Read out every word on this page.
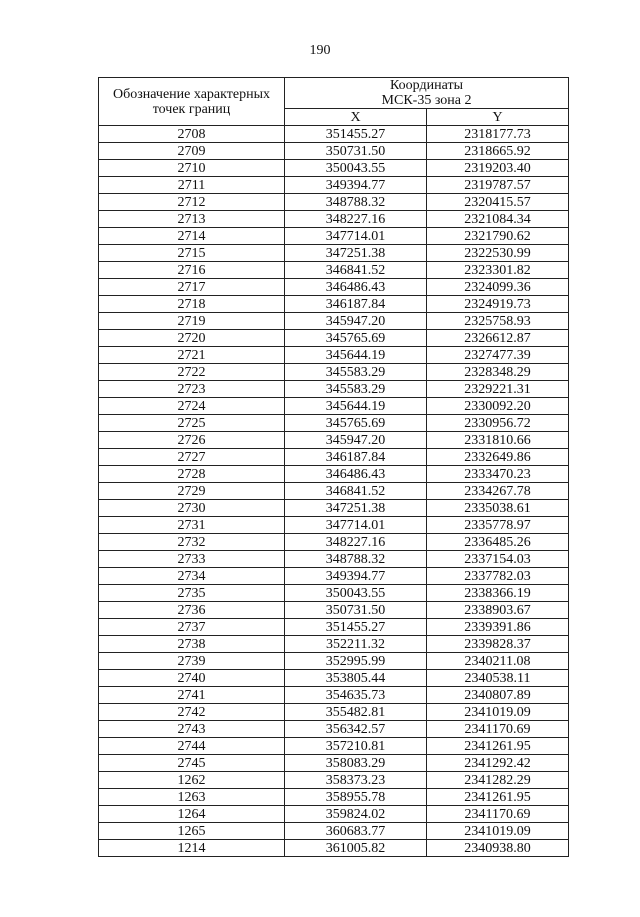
190
Обозначение характерных точек границ	Координаты
МСК-35 зона 2	

	X	Y
2708	351455.27	2318177.73
2709	350731.50	2318665.92
2710	350043.55	2319203.40
2711	349394.77	2319787.57
2712	348788.32	2320415.57
2713	348227.16	2321084.34
2714	347714.01	2321790.62
2715	347251.38	2322530.99
2716	346841.52	2323301.82
2717	346486.43	2324099.36
2718	346187.84	2324919.73
2719	345947.20	2325758.93
2720	345765.69	2326612.87
2721	345644.19	2327477.39
2722	345583.29	2328348.29
2723	345583.29	2329221.31
2724	345644.19	2330092.20
2725	345765.69	2330956.72
2726	345947.20	2331810.66
2727	346187.84	2332649.86
2728	346486.43	2333470.23
2729	346841.52	2334267.78
2730	347251.38	2335038.61
2731	347714.01	2335778.97
2732	348227.16	2336485.26
2733	348788.32	2337154.03
2734	349394.77	2337782.03
2735	350043.55	2338366.19
2736	350731.50	2338903.67
2737	351455.27	2339391.86
2738	352211.32	2339828.37
2739	352995.99	2340211.08
2740	353805.44	2340538.11
2741	354635.73	2340807.89
2742	355482.81	2341019.09
2743	356342.57	2341170.69
2744	357210.81	2341261.95
2745	358083.29	2341292.42
1262	358373.23	2341282.29
1263	358955.78	2341261.95
1264	359824.02	2341170.69
1265	360683.77	2341019.09
1214	361005.82	2340938.80
